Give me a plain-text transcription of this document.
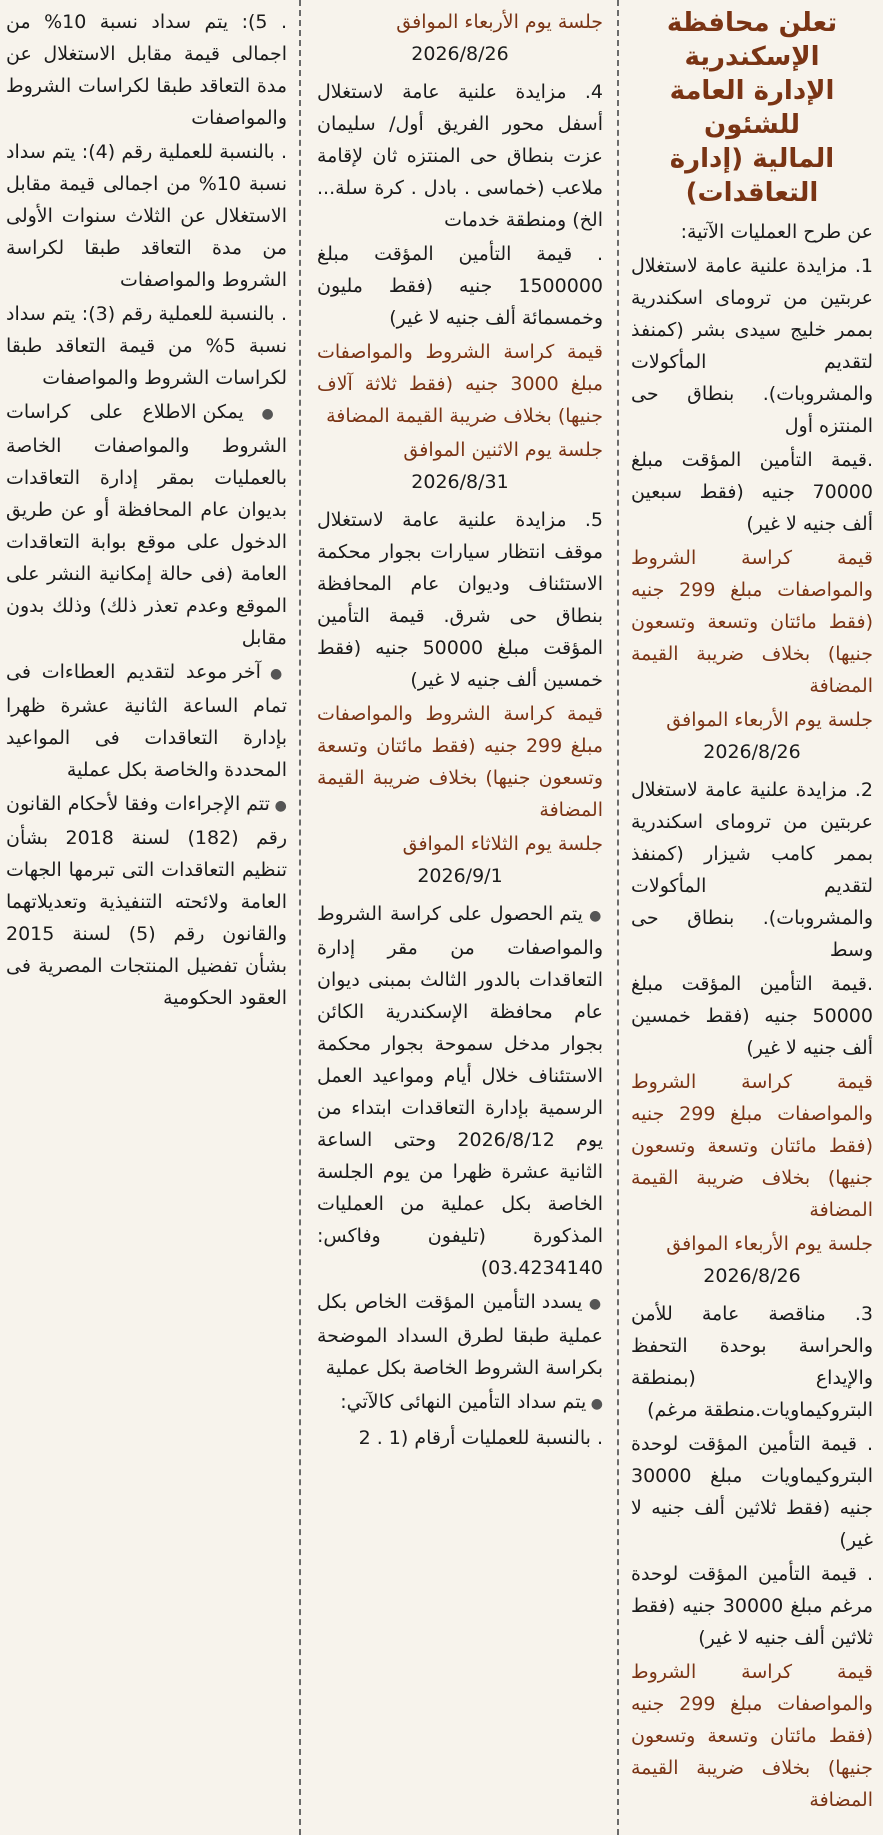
تعلن محافظة الإسكندرية
الإدارة العامة للشئون
المالية (إدارة التعاقدات)

عن طرح العمليات الآتية:

1. مزايدة علنية عامة لاستغلال عربتين من ترومای اسكندرية بممر خليج سيدى بشر (كمنفذ لتقديم المأكولات والمشروبات). بنطاق حى المنتزه أول

.قيمة التأمين المؤقت مبلغ 70000 جنيه (فقط سبعين ألف جنيه لا غير)

قيمة كراسة الشروط والمواصفات مبلغ 299 جنيه (فقط مائتان وتسعة وتسعون جنيها) بخلاف ضريبة القيمة المضافة

جلسة يوم الأربعاء الموافق

2026/8/26

2. مزايدة علنية عامة لاستغلال عربتين من ترومای اسكندرية بممر كامب شيزار (كمنفذ لتقديم المأكولات والمشروبات). بنطاق حى وسط

.قيمة التأمين المؤقت مبلغ 50000 جنيه (فقط خمسين ألف جنيه لا غير)

قيمة كراسة الشروط والمواصفات مبلغ 299 جنيه (فقط مائتان وتسعة وتسعون جنيها) بخلاف ضريبة القيمة المضافة

جلسة يوم الأربعاء الموافق

2026/8/26

3. مناقصة عامة للأمن والحراسة بوحدة التحفظ والإيداع (بمنطقة البتروكيماويات.منطقة مرغم)

. قيمة التأمين المؤقت لوحدة البتروكيماويات مبلغ 30000 جنيه (فقط ثلاثين ألف جنيه لا غير)

. قيمة التأمين المؤقت لوحدة مرغم مبلغ 30000 جنيه (فقط ثلاثين ألف جنيه لا غير)

قيمة كراسة الشروط والمواصفات مبلغ 299 جنيه (فقط مائتان وتسعة وتسعون جنيها) بخلاف ضريبة القيمة المضافة

جلسة يوم الأربعاء الموافق

2026/8/26

4. مزايدة علنية عامة لاستغلال أسفل محور الفريق أول/ سليمان عزت بنطاق حى المنتزه ثان لإقامة ملاعب (خماسى . بادل . كرة سلة... الخ) ومنطقة خدمات

. قيمة التأمين المؤقت مبلغ 1500000 جنيه (فقط مليون وخمسمائة ألف جنيه لا غير)

قيمة كراسة الشروط والمواصفات مبلغ 3000 جنيه (فقط ثلاثة آلاف جنيها) بخلاف ضريبة القيمة المضافة

جلسة يوم الاثنين الموافق

2026/8/31

5. مزايدة علنية عامة لاستغلال موقف انتظار سيارات بجوار محكمة الاستئناف وديوان عام المحافظة بنطاق حى شرق. قيمة التأمين المؤقت مبلغ 50000 جنيه (فقط خمسين ألف جنيه لا غير)

قيمة كراسة الشروط والمواصفات مبلغ 299 جنيه (فقط مائتان وتسعة وتسعون جنيها) بخلاف ضريبة القيمة المضافة

جلسة يوم الثلاثاء الموافق

2026/9/1

● يتم الحصول على كراسة الشروط والمواصفات من مقر إدارة التعاقدات بالدور الثالث بمبنى ديوان عام محافظة الإسكندرية الكائن بجوار مدخل سموحة بجوار محكمة الاستئناف خلال أيام ومواعيد العمل الرسمية بإدارة التعاقدات ابتداء من يوم 2026/8/12 وحتى الساعة الثانية عشرة ظهرا من يوم الجلسة الخاصة بكل عملية من العمليات المذكورة (تليفون وفاكس: 03.4234140)

● يسدد التأمين المؤقت الخاص بكل عملية طبقا لطرق السداد الموضحة بكراسة الشروط الخاصة بكل عملية

● يتم سداد التأمين النهائى كالآتي:

. بالنسبة للعمليات أرقام (1 . 2

. 5): يتم سداد نسبة 10% من اجمالى قيمة مقابل الاستغلال عن مدة التعاقد طبقا لكراسات الشروط والمواصفات

. بالنسبة للعملية رقم (4): يتم سداد نسبة 10% من اجمالى قيمة مقابل الاستغلال عن الثلاث سنوات الأولى من مدة التعاقد طبقا لكراسة الشروط والمواصفات

. بالنسبة للعملية رقم (3): يتم سداد نسبة 5% من قيمة التعاقد طبقا لكراسات الشروط والمواصفات

● يمكن الاطلاع على كراسات الشروط والمواصفات الخاصة بالعمليات بمقر إدارة التعاقدات بديوان عام المحافظة أو عن طريق الدخول على موقع بوابة التعاقدات العامة (فى حالة إمكانية النشر على الموقع وعدم تعذر ذلك) وذلك بدون مقابل

● آخر موعد لتقديم العطاءات فى تمام الساعة الثانية عشرة ظهرا بإدارة التعاقدات فى المواعيد المحددة والخاصة بكل عملية

● تتم الإجراءات وفقا لأحكام القانون رقم (182) لسنة 2018 بشأن تنظيم التعاقدات التى تبرمها الجهات العامة ولائحته التنفيذية وتعديلاتهما والقانون رقم (5) لسنة 2015 بشأن تفضيل المنتجات المصرية فى العقود الحكومية
